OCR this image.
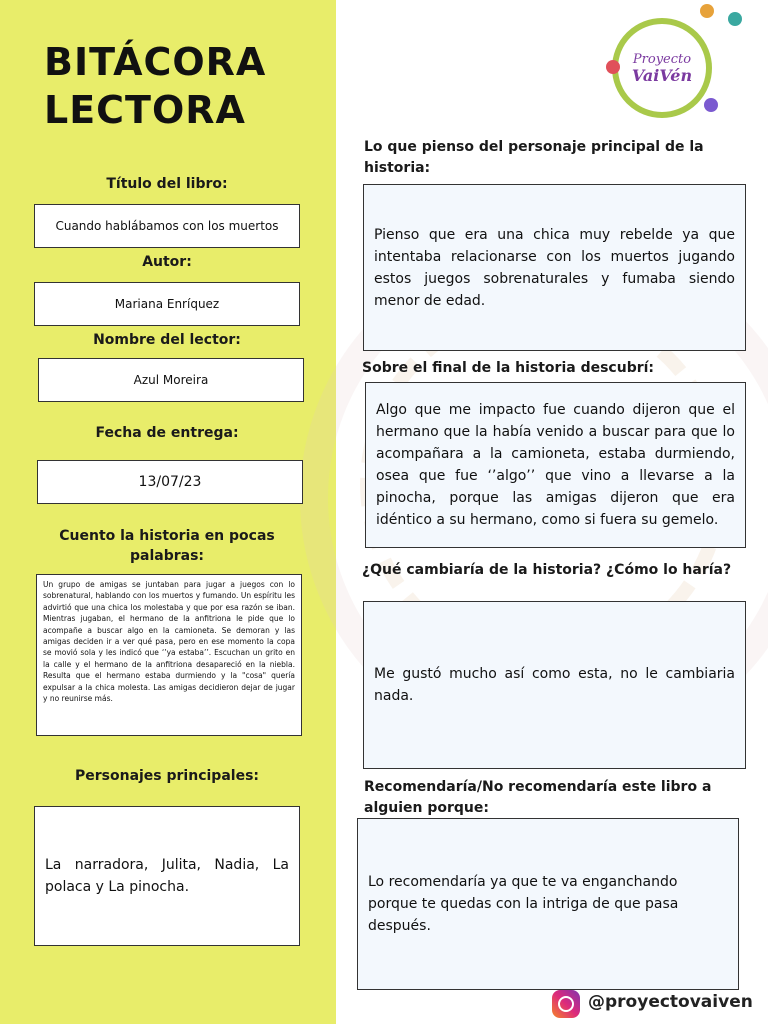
BITÁCORA
LECTORA
Título del libro:
Cuando hablábamos con los muertos
Autor:
Mariana Enríquez
Nombre del lector:
Azul Moreira
Fecha de entrega:
13/07/23
Cuento la historia en pocas palabras:
Un grupo de amigas se juntaban para jugar a juegos con lo sobrenatural, hablando con los muertos y fumando. Un espíritu les advirtió que una chica los molestaba y que por esa razón se iban. Mientras jugaban, el hermano de la anfitriona le pide que lo acompañe a buscar algo en la camioneta. Se demoran y las amigas deciden ir a ver qué pasa, pero en ese momento la copa se movió sola y les indicó que ‘’ya estaba’’. Escuchan un grito en la calle y el hermano de la anfitriona desapareció en la niebla. Resulta que el hermano estaba durmiendo y la "cosa" quería expulsar a la chica molesta. Las amigas decidieron dejar de jugar y no reunirse más.
Personajes principales:
La narradora, Julita, Nadia, La polaca y La pinocha.
Proyecto
VaiVén
Lo que pienso del personaje principal de la historia:
Pienso que era una chica muy rebelde ya que intentaba relacionarse con los muertos jugando estos juegos sobrenaturales y fumaba siendo menor de edad.
Sobre el final de la historia descubrí:
Algo que me impacto fue cuando dijeron que el hermano que la había venido a buscar para que lo acompañara a la camioneta, estaba durmiendo, osea que fue ‘’algo’’ que vino a llevarse a la pinocha, porque las amigas dijeron que era idéntico a su hermano, como si fuera su gemelo.
¿Qué cambiaría de la historia? ¿Cómo lo haría?
Me gustó mucho así como esta, no le cambiaria nada.
Recomendaría/No recomendaría este libro a alguien porque:
Lo recomendaría ya que te va enganchando porque te quedas con la intriga de que pasa después.
@proyectovaiven
